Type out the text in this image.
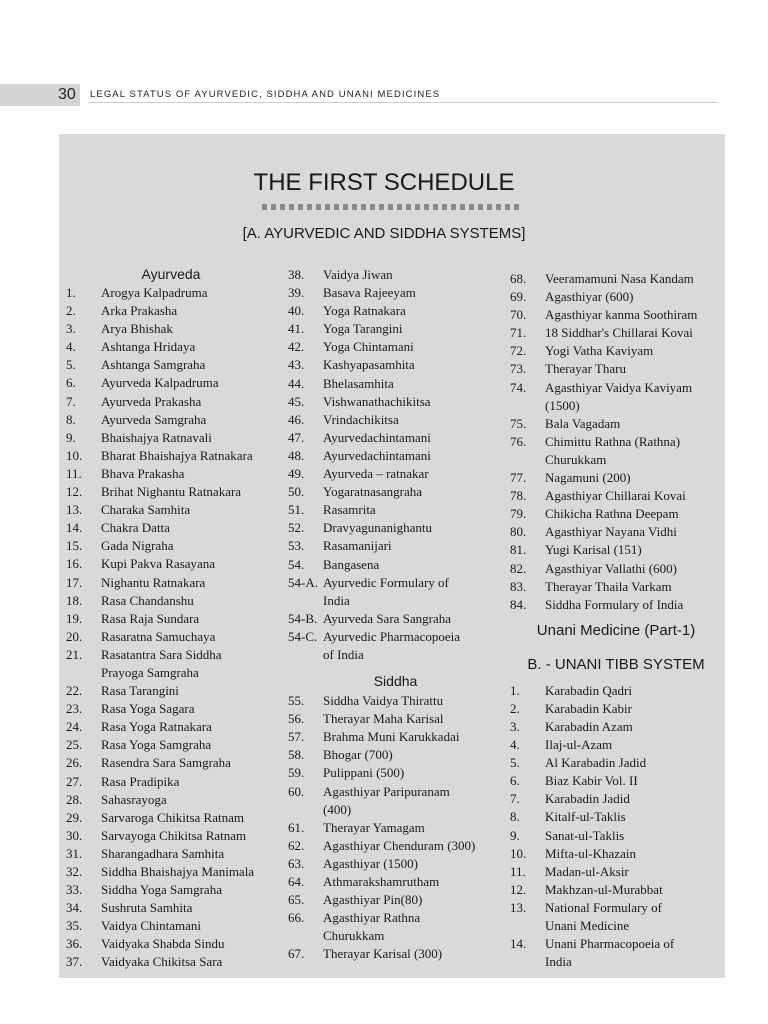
30 LEGAL STATUS OF AYURVEDIC, SIDDHA AND UNANI MEDICINES
THE FIRST SCHEDULE
[A. AYURVEDIC AND SIDDHA SYSTEMS]
Ayurveda
1. Arogya Kalpadruma
2. Arka Prakasha
3. Arya Bhishak
4. Ashtanga Hridaya
5. Ashtanga Samgraha
6. Ayurveda Kalpadruma
7. Ayurveda Prakasha
8. Ayurveda Samgraha
9. Bhaishajya Ratnavali
10. Bharat Bhaishajya Ratnakara
11. Bhava Prakasha
12. Brihat Nighantu Ratnakara
13. Charaka Samhita
14. Chakra Datta
15. Gada Nigraha
16. Kupi Pakva Rasayana
17. Nighantu Ratnakara
18. Rasa Chandanshu
19. Rasa Raja Sundara
20. Rasaratna Samuchaya
21. Rasatantra Sara Siddha
Prayoga Samgraha
22. Rasa Tarangini
23. Rasa Yoga Sagara
24. Rasa Yoga Ratnakara
25. Rasa Yoga Samgraha
26. Rasendra Sara Samgraha
27. Rasa Pradipika
28. Sahasrayoga
29. Sarvaroga Chikitsa Ratnam
30. Sarvayoga Chikitsa Ratnam
31. Sharangadhara Samhita
32. Siddha Bhaishajya Manimala
33. Siddha Yoga Samgraha
34. Sushruta Samhita
35. Vaidya Chintamani
36. Vaidyaka Shabda Sindu
37. Vaidyaka Chikitsa Sara
38. Vaidya Jiwan
39. Basava Rajeeyam
40. Yoga Ratnakara
41. Yoga Tarangini
42. Yoga Chintamani
43. Kashyapasamhita
44. Bhelasamhita
45. Vishwanathachikitsa
46. Vrindachikitsa
47. Ayurvedachintamani
48. Ayurvedachintamani
49. Ayurveda – ratnakar
50. Yogaratnasangraha
51. Rasamrita
52. Dravyagunanighantu
53. Rasamanijari
54. Bangasena
54-A. Ayurvedic Formulary of
India
54-B. Ayurveda Sara Sangraha
54-C. Ayurvedic Pharmacopoeia
of India
Siddha
55. Siddha Vaidya Thirattu
56. Therayar Maha Karisal
57. Brahma Muni Karukkadai
58. Bhogar (700)
59. Pulippani (500)
60. Agasthiyar Paripuranam
(400)
61. Therayar Yamagam
62. Agasthiyar Chenduram (300)
63. Agasthiyar (1500)
64. Athmarakshamrutham
65. Agasthiyar Pin(80)
66. Agasthiyar Rathna
Churukkam
67. Therayar Karisal (300)
68. Veeramamuni Nasa Kandam
69. Agasthiyar (600)
70. Agasthiyar kanma Soothiram
71. 18 Siddhar's Chillarai Kovai
72. Yogi Vatha Kaviyam
73. Therayar Tharu
74. Agasthiyar Vaidya Kaviyam
(1500)
75. Bala Vagadam
76. Chimittu Rathna (Rathna)
Churukkam
77. Nagamuni (200)
78. Agasthiyar Chillarai Kovai
79. Chikicha Rathna Deepam
80. Agasthiyar Nayana Vidhi
81. Yugi Karisal (151)
82. Agasthiyar Vallathi (600)
83. Therayar Thaila Varkam
84. Siddha Formulary of India
Unani Medicine (Part-1)
B. - UNANI TIBB SYSTEM
1. Karabadin Qadri
2. Karabadin Kabir
3. Karabadin Azam
4. Ilaj-ul-Azam
5. Al Karabadin Jadid
6. Biaz Kabir Vol. II
7. Karabadin Jadid
8. Kitalf-ul-Taklis
9. Sanat-ul-Taklis
10. Mifta-ul-Khazain
11. Madan-ul-Aksir
12. Makhzan-ul-Murabbat
13. National Formulary of
Unani Medicine
14. Unani Pharmacopoeia of
India
